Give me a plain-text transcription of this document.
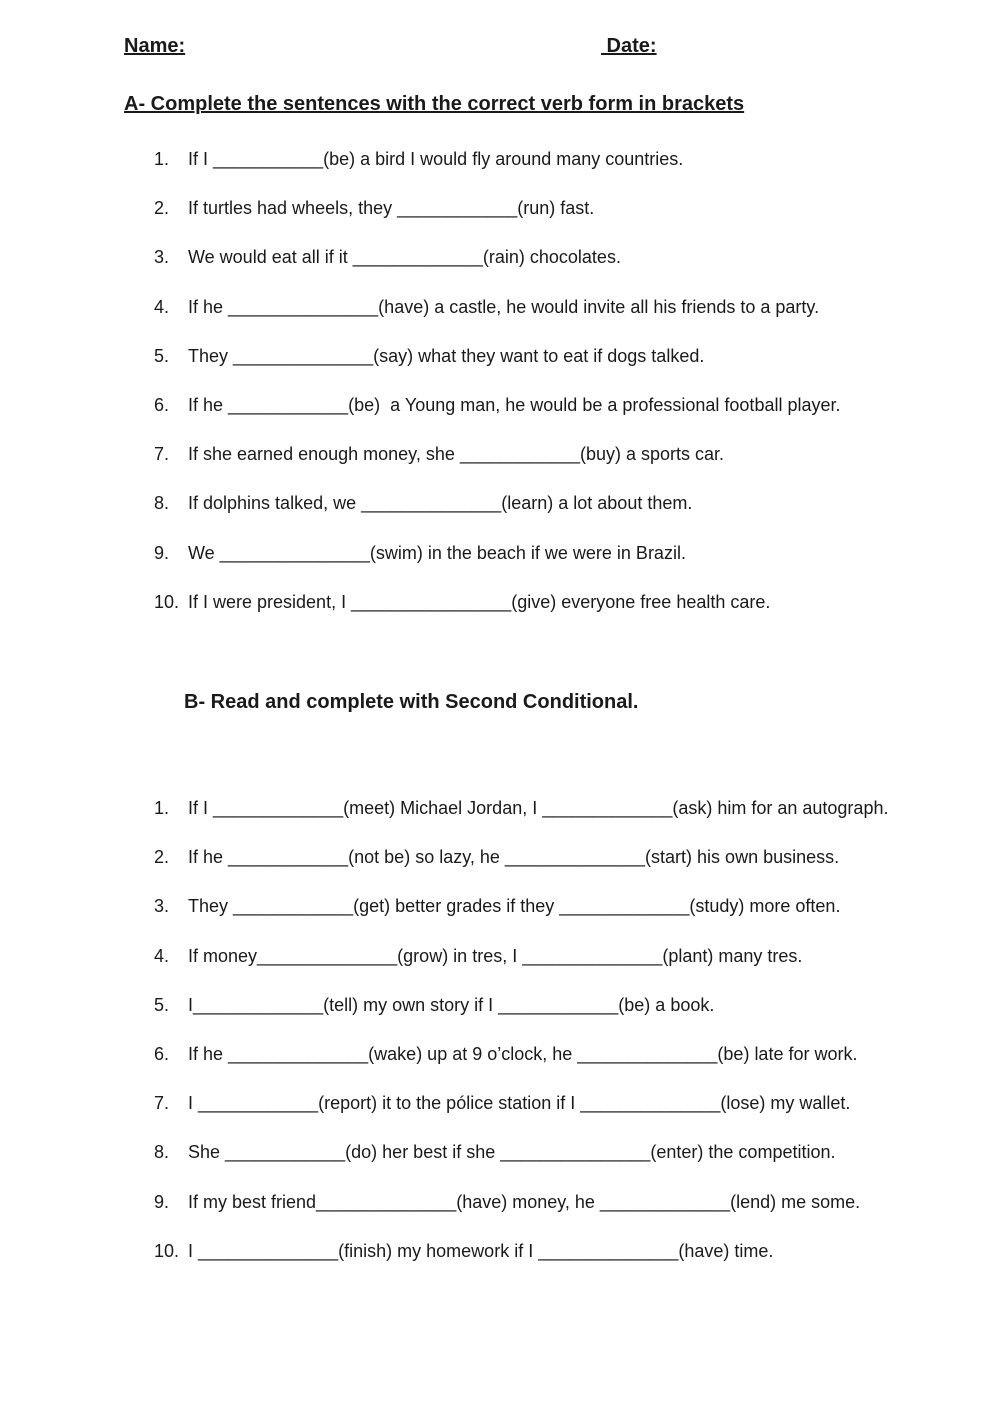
Name:	Date:
A- Complete the sentences with the correct verb form in brackets
1.	If I ___________(be) a bird I would fly around many countries.
2.	If turtles had wheels, they ____________(run) fast.
3.	We would eat all if it _____________(rain) chocolates.
4.	If he _______________(have) a castle, he would invite all his friends to a party.
5.	They ______________(say) what they want to eat if dogs talked.
6.	If he ____________(be)  a Young man, he would be a professional football player.
7.	If she earned enough money, she ____________(buy) a sports car.
8.	If dolphins talked, we ______________(learn) a lot about them.
9.	We _______________(swim) in the beach if we were in Brazil.
10. If I were president, I ________________(give) everyone free health care.
B- Read and complete with Second Conditional.
1.	If I _____________(meet) Michael Jordan, I _____________(ask) him for an autograph.
2.	If he ____________(not be) so lazy, he ______________(start) his own business.
3.	They ____________(get) better grades if they _____________(study) more often.
4.	If money______________(grow) in tres, I ______________(plant) many tres.
5.	I_____________(tell) my own story if I ____________(be) a book.
6.	If he ______________(wake) up at 9 o’clock, he ______________(be) late for work.
7.	I ____________(report) it to the pólice station if I ______________(lose) my wallet.
8.	She ____________(do) her best if she _______________(enter) the competition.
9.	If my best friend______________(have) money, he _____________(lend) me some.
10. I ______________(finish) my homework if I ______________(have) time.
